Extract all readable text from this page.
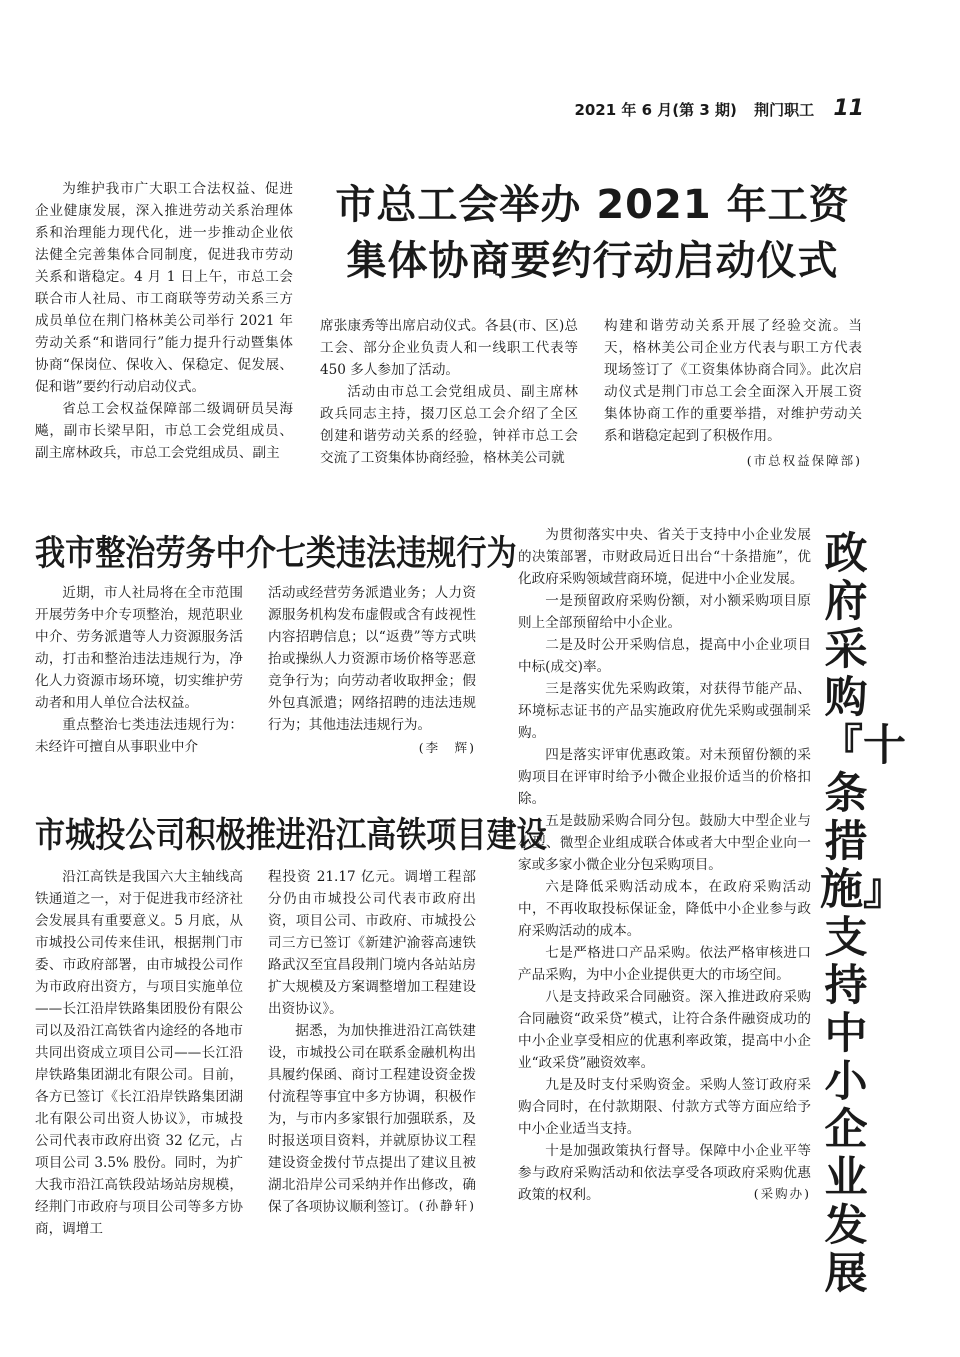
2021 年 6 月(第 3 期) 荆门职工 11
市总工会举办 2021 年工资
集体协商要约行动启动仪式

为维护我市广大职工合法权益、促进企业健康发展，深入推进劳动关系治理体系和治理能力现代化，进一步推动企业依法健全完善集体合同制度，促进我市劳动关系和谐稳定。4 月 1 日上午，市总工会联合市人社局、市工商联等劳动关系三方成员单位在荆门格林美公司举行 2021 年劳动关系“和谐同行”能力提升行动暨集体协商“保岗位、保收入、保稳定、促发展、促和谐”要约行动启动仪式。

省总工会权益保障部二级调研员吴海飚，副市长梁早阳，市总工会党组成员、副主席林政兵，市总工会党组成员、副主

席张康秀等出席启动仪式。各县(市、区)总工会、部分企业负责人和一线职工代表等 450 多人参加了活动。

活动由市总工会党组成员、副主席林政兵同志主持，掇刀区总工会介绍了全区创建和谐劳动关系的经验，钟祥市总工会交流了工资集体协商经验，格林美公司就

构建和谐劳动关系开展了经验交流。当天，格林美公司企业方代表与职工方代表现场签订了《工资集体协商合同》。此次启动仪式是荆门市总工会全面深入开展工资集体协商工作的重要举措，对维护劳动关系和谐稳定起到了积极作用。

(市总权益保障部)
我市整治劳务中介七类违法违规行为

近期，市人社局将在全市范围开展劳务中介专项整治，规范职业中介、劳务派遣等人力资源服务活动，打击和整治违法违规行为，净化人力资源市场环境，切实维护劳动者和用人单位合法权益。

重点整治七类违法违规行为：未经许可擅自从事职业中介

活动或经营劳务派遣业务；人力资源服务机构发布虚假或含有歧视性内容招聘信息；以“返费”等方式哄抬或操纵人力资源市场价格等恶意竞争行为；向劳动者收取押金；假外包真派遣；网络招聘的违法违规行为；其他违法违规行为。

(李　辉)
市城投公司积极推进沿江高铁项目建设

沿江高铁是我国六大主轴线高铁通道之一，对于促进我市经济社会发展具有重要意义。5 月底，从市城投公司传来佳讯，根据荆门市委、市政府部署，由市城投公司作为市政府出资方，与项目实施单位——长江沿岸铁路集团股份有限公司以及沿江高铁省内途经的各地市共同出资成立项目公司——长江沿岸铁路集团湖北有限公司。目前，各方已签订《长江沿岸铁路集团湖北有限公司出资人协议》，市城投公司代表市政府出资 32 亿元，占项目公司 3.5% 股份。同时，为扩大我市沿江高铁段站场站房规模，经荆门市政府与项目公司等多方协商，调增工

程投资 21.17 亿元。调增工程部分仍由市城投公司代表市政府出资，项目公司、市政府、市城投公司三方已签订《新建沪渝蓉高速铁路武汉至宜昌段荆门境内各站站房扩大规模及方案调整增加工程建设出资协议》。

据悉，为加快推进沿江高铁建设，市城投公司在联系金融机构出具履约保函、商讨工程建设资金拨付流程等事宜中多方协调，积极作为，与市内多家银行加强联系，及时报送项目资料，并就原协议工程建设资金拨付节点提出了建议且被湖北沿岸公司采纳并作出修改，确保了各项协议顺利签订。 (孙静轩)

为贯彻落实中央、省关于支持中小企业发展的决策部署，市财政局近日出台“十条措施”，优化政府采购领域营商环境，促进中小企业发展。

一是预留政府采购份额，对小额采购项目原则上全部预留给中小企业。

二是及时公开采购信息，提高中小企业项目中标(成交)率。

三是落实优先采购政策，对获得节能产品、环境标志证书的产品实施政府优先采购或强制采购。

四是落实评审优惠政策。对未预留份额的采购项目在评审时给予小微企业报价适当的价格扣除。

五是鼓励采购合同分包。鼓励大中型企业与小型、微型企业组成联合体或者大中型企业向一家或多家小微企业分包采购项目。

六是降低采购活动成本，在政府采购活动中，不再收取投标保证金，降低中小企业参与政府采购活动的成本。

七是严格进口产品采购。依法严格审核进口产品采购，为中小企业提供更大的市场空间。

八是支持政采合同融资。深入推进政府采购合同融资“政采贷”模式，让符合条件融资成功的中小企业享受相应的优惠利率政策，提高中小企业“政采贷”融资效率。

九是及时支付采购资金。采购人签订政府采购合同时，在付款期限、付款方式等方面应给予中小企业适当支持。

十是加强政策执行督导。保障中小企业平等参与政府采购活动和依法享受各项政府采购优惠政策的权利。	(采购办)
政府采购『十条措施』支持中小企业发展
